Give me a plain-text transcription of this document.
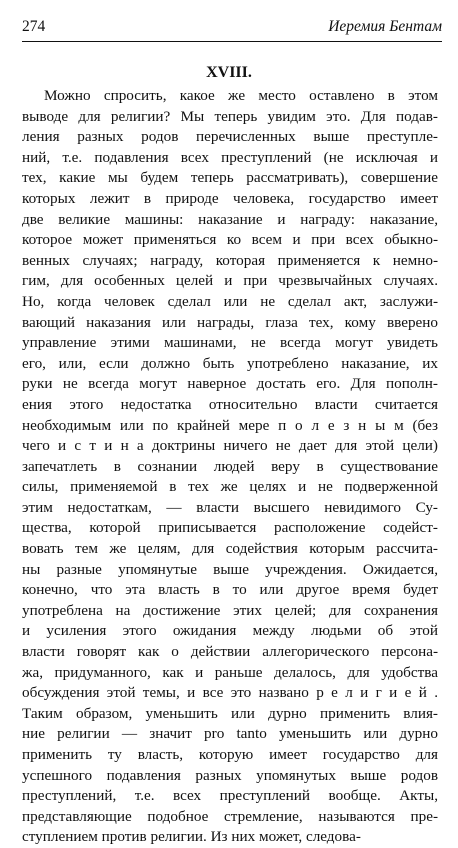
274	Иеремия Бентам
XVIII.
Можно спросить, какое же место оставлено в этом
выводе для религии? Мы теперь увидим это. Для подав-
ления разных родов перечисленных выше преступле-
ний, т.е. подавления всех преступлений (не исключая и
тех, какие мы будем теперь рассматривать), совершение
которых лежит в природе человека, государство имеет
две великие машины: наказание и награду: наказание,
которое может применяться ко всем и при всех обыкно-
венных случаях; награду, которая применяется к немно-
гим, для особенных целей и при чрезвычайных случаях.
Но, когда человек сделал или не сделал акт, заслужи-
вающий наказания или награды, глаза тех, кому вверено
управление этими машинами, не всегда могут увидеть
его, или, если должно быть употреблено наказание, их
руки не всегда могут наверное достать его. Для пополн-
ения этого недостатка относительно власти считается
необходимым или по крайней мере п о л е з н ы м (без
чего и с т и н а доктрины ничего не дает для этой цели)
запечатлеть в сознании людей веру в существование
силы, применяемой в тех же целях и не подверженной
этим недостаткам, — власти высшего невидимого Су-
щества, которой приписывается расположение содейст-
вовать тем же целям, для содействия которым рассчита-
ны разные упомянутые выше учреждения. Ожидается,
конечно, что эта власть в то или другое время будет
употреблена на достижение этих целей; для сохранения
и усиления этого ожидания между людьми об этой
власти говорят как о действии аллегорического персона-
жа, придуманного, как и раньше делалось, для удобства
обсуждения этой темы, и все это названо р е л и г и е й .
Таким образом, уменьшить или дурно применить влия-
ние религии — значит pro tanto уменьшить или дурно
применить ту власть, которую имеет государство для
успешного подавления разных упомянутых выше родов
преступлений, т.е. всех преступлений вообще. Акты,
представляющие подобное стремление, называются пре-
ступлением против религии. Из них может, следова-
